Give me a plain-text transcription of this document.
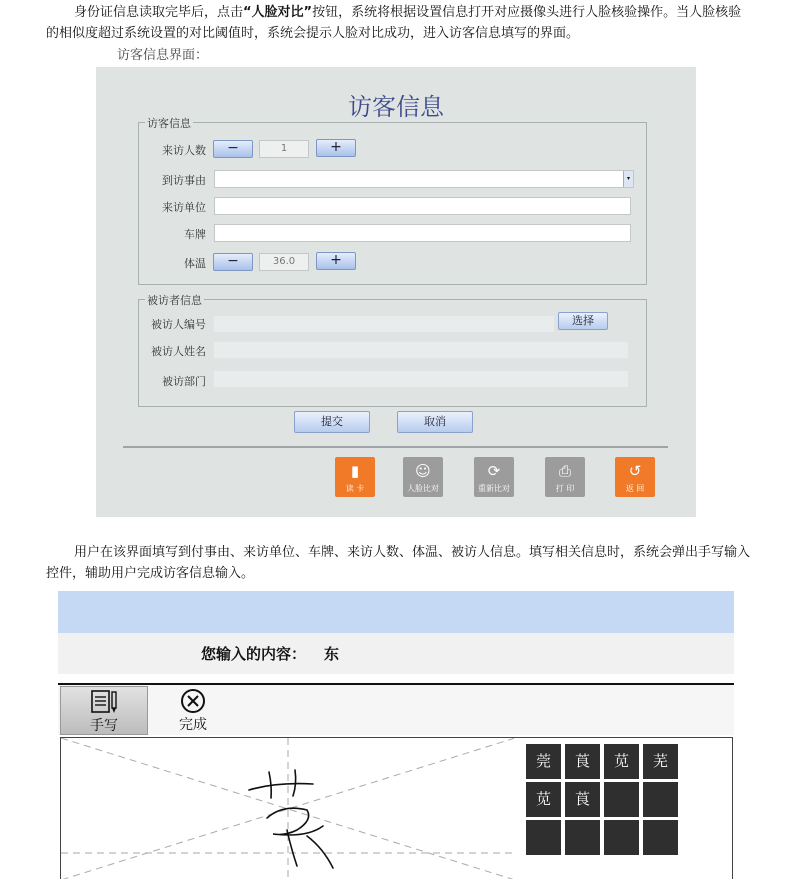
身份证信息读取完毕后，点击“人脸对比”按钮，系统将根据设置信息打开对应摄像头进行人脸核验操作。当人脸核验的相似度超过系统设置的对比阈值时，系统会提示人脸对比成功，进入访客信息填写的界面。
访客信息界面：
访客信息
访客信息
来访人数	−	1	+
到访事由	▾
来访单位
车牌
体温	−	36.0	+
被访者信息
被访人编号	选择
被访人姓名
被访部门
提交	取消
▮
读 卡
☺
人脸比对
⟳
重新比对
⎙
打 印
↺
返 回
用户在该界面填写到付事由、来访单位、车牌、来访人数、体温、被访人信息。填写相关信息时，系统会弹出手写输入控件，辅助用户完成访客信息输入。
您输入的内容： 东
手写	完成
莞	莨	苋	芜
苋	莨
